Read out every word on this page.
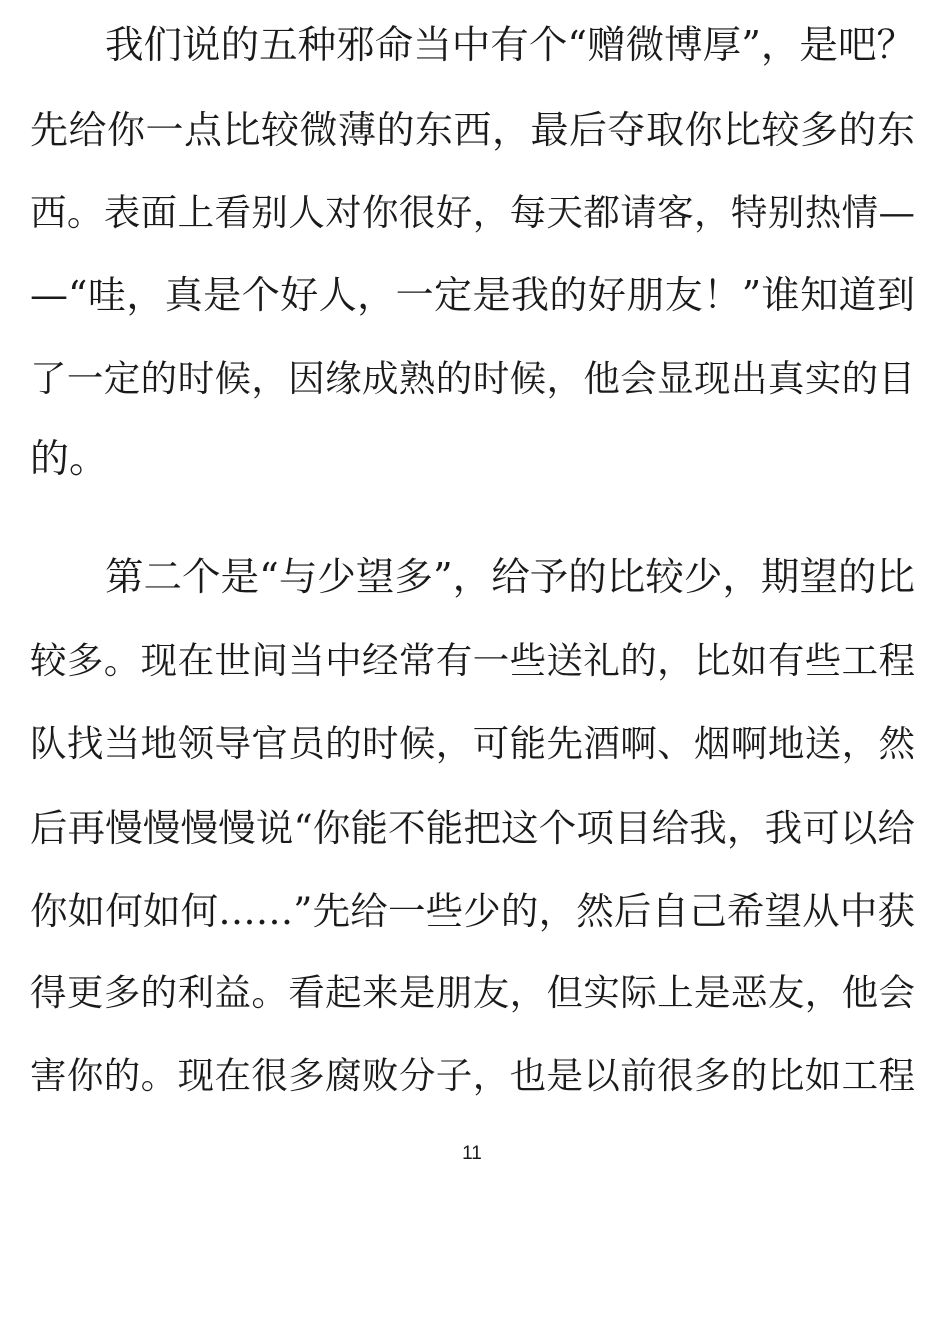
我们说的五种邪命当中有个“赠微博厚”，是吧？

先给你一点比较微薄的东西，最后夺取你比较多的东

西。表面上看别人对你很好，每天都请客，特别热情—

—“哇，真是个好人，一定是我的好朋友！”谁知道到

了一定的时候，因缘成熟的时候，他会显现出真实的目

的。

第二个是“与少望多”，给予的比较少，期望的比

较多。现在世间当中经常有一些送礼的，比如有些工程

队找当地领导官员的时候，可能先酒啊、烟啊地送，然

后再慢慢慢慢说“你能不能把这个项目给我，我可以给

你如何如何……”先给一些少的，然后自己希望从中获

得更多的利益。看起来是朋友，但实际上是恶友，他会

害你的。现在很多腐败分子，也是以前很多的比如工程

11
